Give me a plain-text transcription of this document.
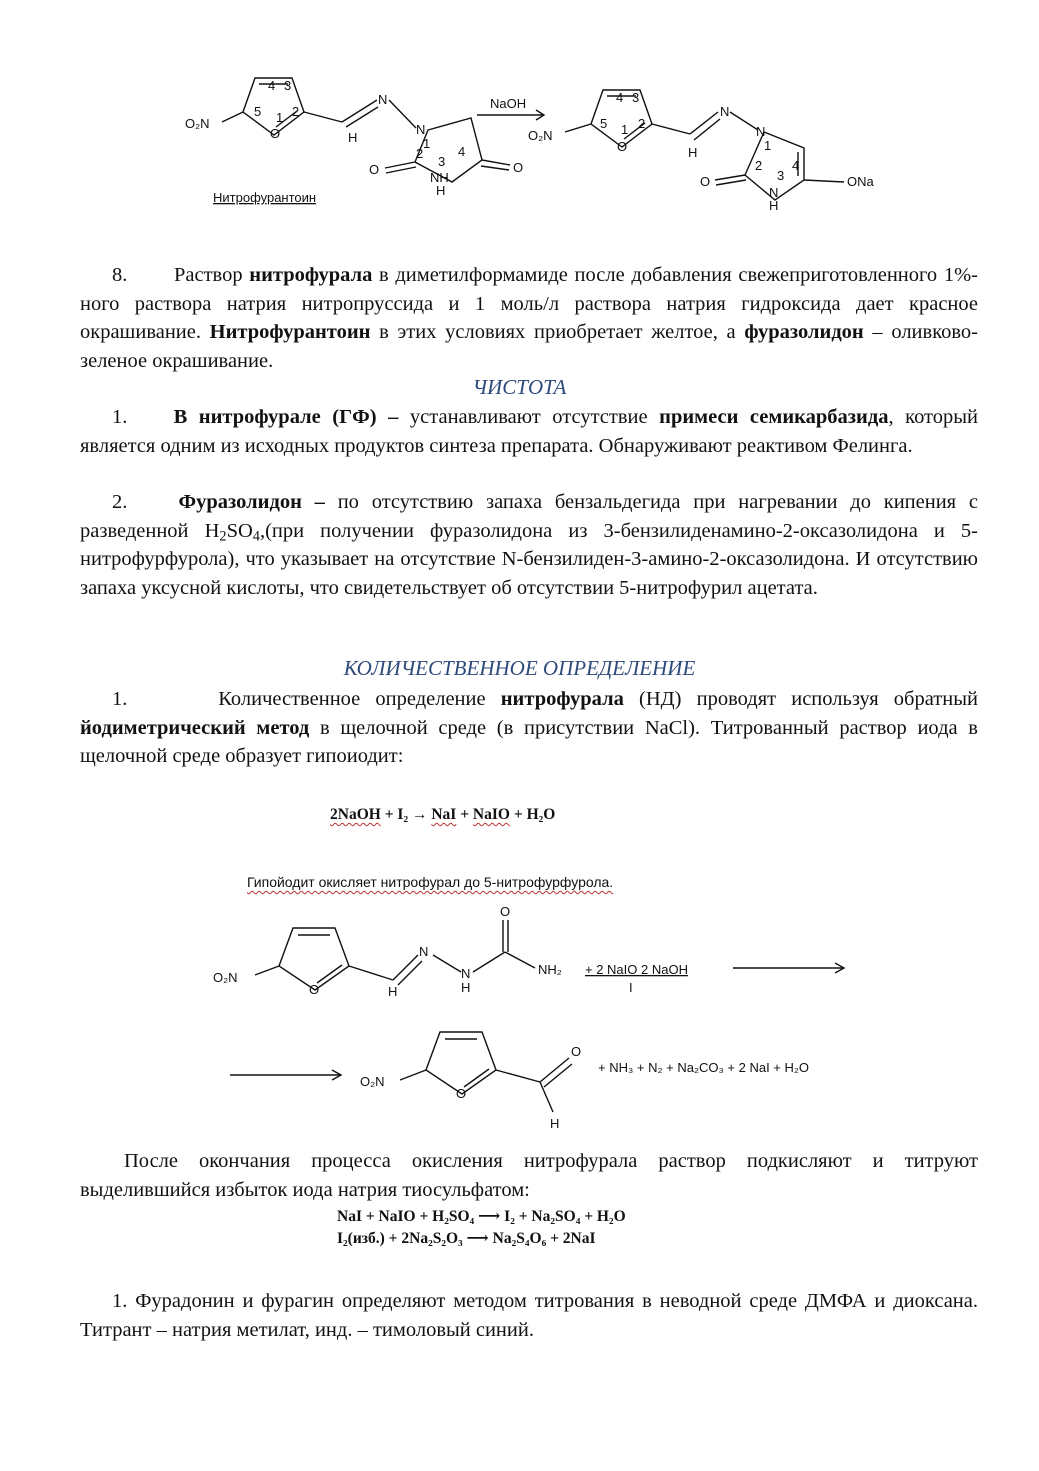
O₂N
4 3
5 2
1
O	H
N
N
1
2
3
4
O	O
NH
H
NaOH
O₂N
4 3
5 2
1
O	H
N
N
1
2
3
4
O
H
N
ONa
Нитрофурантоин
8. Раствор нитрофурала в диметилформамиде после добавления свежеприготовленного 1%-ного раствора натрия нитропруссида и 1 моль/л раствора натрия гидроксида дает красное окрашивание. Нитрофурантоин в этих условиях приобретает желтое, а фуразолидон – оливково-зеленое окрашивание.
ЧИСТОТА
1. В нитрофурале (ГФ) – устанавливают отсутствие примеси семикарбазида, который является одним из исходных продуктов синтеза препарата. Обнаруживают реактивом Фелинга.
2. Фуразолидон – по отсутствию запаха бензальдегида при нагревании до кипения с разведенной $H_2SO_4,(при$ получении фуразолидона из 3-бензилиденамино-2-оксазолидона и 5-нитрофурфурола), что указывает на отсутствие N-бензилиден-3-амино-2-оксазолидона. И отсутствию запаха уксусной кислоты, что свидетельствует об отсутствии 5-нитрофурил ацетата.
КОЛИЧЕСТВЕННОЕ ОПРЕДЕЛЕНИЕ
1.	Количественное определение нитрофурала (НД) проводят используя обратный йодиметрический метод в щелочной среде (в присутствии NaCl). Титрованный раствор иода в щелочной среде образует гипоиодит:
2NaOH + I₂ → NaI + NaIO + H₂O
Гипойодит окисляет нитрофурал до 5-нитрофурфурола.
O₂N
O
N
H
N
H
NH₂
O
+ 2 NaIO 2 NaOH
I
O₂N
O
O
H
+ NH₃ + N₂ + Na₂CO₃ + 2 NaI + H₂O
После окончания процесса окисления нитрофурала раствор подкисляют и титруют выделившийся избыток иода натрия тиосульфатом:
NaI + NaIO + H₂SO₄ ⟶ I₂ + Na₂SO₄ + H₂O
I₂(изб.) + 2Na₂S₂O₃ ⟶ Na₂S₄O₆ + 2NaI
1. Фурадонин и фурагин определяют методом титрования в неводной среде ДМФА и диоксана. Титрант – натрия метилат, инд. – тимоловый синий.
